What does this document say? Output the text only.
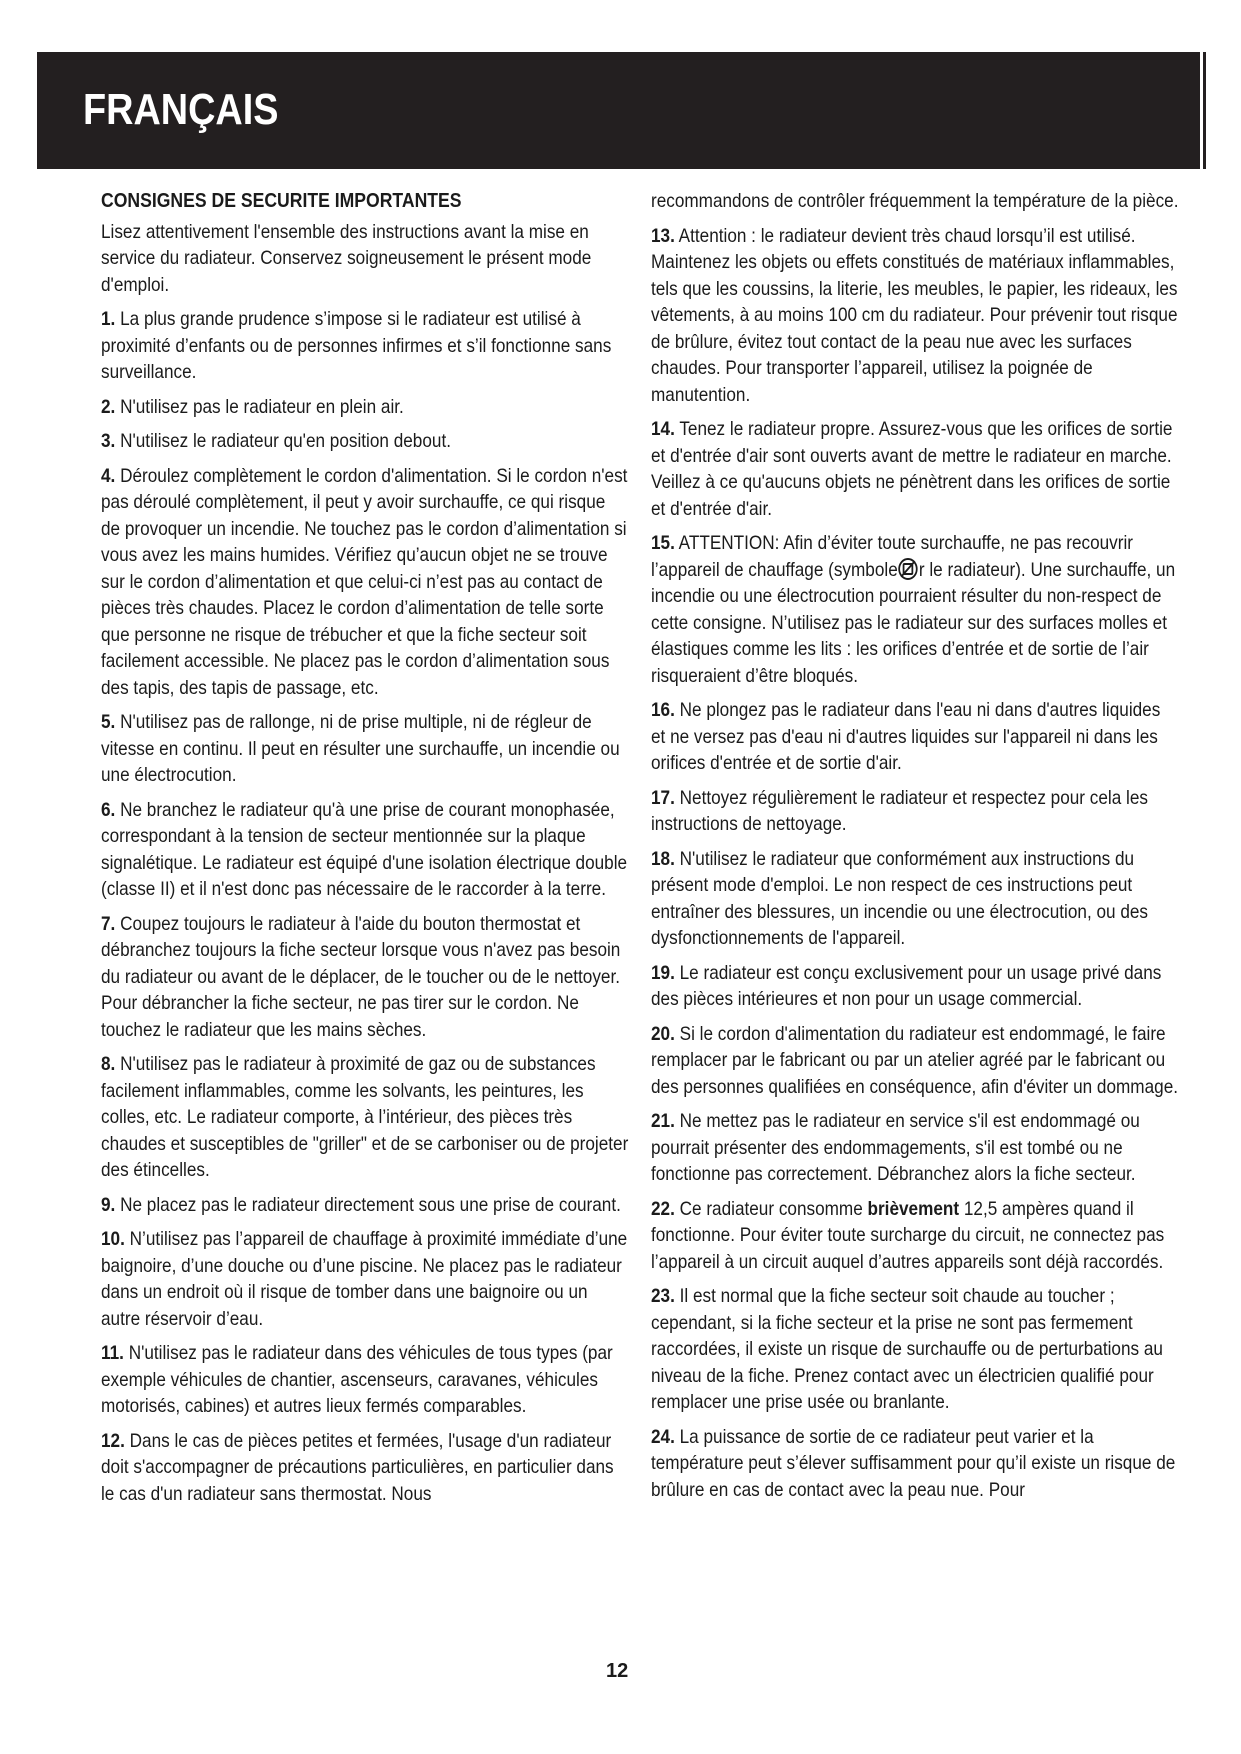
FRANÇAIS

CONSIGNES DE SECURITE IMPORTANTES

Lisez attentivement l'ensemble des instructions avant la mise en service du radiateur. Conservez soigneusement le présent mode d'emploi.

1. La plus grande prudence s’impose si le radiateur est utilisé à proximité d’enfants ou de personnes infirmes et s’il fonctionne sans surveillance.

2. N'utilisez pas le radiateur en plein air.

3. N'utilisez le radiateur qu'en position debout.

4. Déroulez complètement le cordon d'alimentation. Si le cordon n'est pas déroulé complètement, il peut y avoir surchauffe, ce qui risque de provoquer un incendie. Ne touchez pas le cordon d’alimentation si vous avez les mains humides. Vérifiez qu’aucun objet ne se trouve sur le cordon d’alimentation et que celui-ci n’est pas au contact de pièces très chaudes. Placez le cordon d’alimentation de telle sorte que personne ne risque de trébucher et que la fiche secteur soit facilement accessible. Ne placez pas le cordon d’alimentation sous des tapis, des tapis de passage, etc.

5. N'utilisez pas de rallonge, ni de prise multiple, ni de régleur de vitesse en continu. Il peut en résulter une surchauffe, un incendie ou une électrocution.

6. Ne branchez le radiateur qu'à une prise de courant monophasée, correspondant à la tension de secteur mentionnée sur la plaque signalétique. Le radiateur est équipé d'une isolation électrique double (classe II) et il n'est donc pas nécessaire de le raccorder à la terre.

7. Coupez toujours le radiateur à l'aide du bouton thermostat et débranchez toujours la fiche secteur lorsque vous n'avez pas besoin du radiateur ou avant de le déplacer, de le toucher ou de le nettoyer. Pour débrancher la fiche secteur, ne pas tirer sur le cordon. Ne touchez le radiateur que les mains sèches.

8. N'utilisez pas le radiateur à proximité de gaz ou de substances facilement inflammables, comme les solvants, les peintures, les colles, etc. Le radiateur comporte, à l’intérieur, des pièces très chaudes et susceptibles de "griller" et de se carboniser ou de projeter des étincelles.

9. Ne placez pas le radiateur directement sous une prise de courant.

10. N’utilisez pas l’appareil de chauffage à proximité immédiate d’une baignoire, d’une douche ou d’une piscine. Ne placez pas le radiateur dans un endroit où il risque de tomber dans une baignoire ou un autre réservoir d’eau.

11. N'utilisez pas le radiateur dans des véhicules de tous types (par exemple véhicules de chantier, ascenseurs, caravanes, véhicules motorisés, cabines) et autres lieux fermés comparables.

12. Dans le cas de pièces petites et fermées, l'usage d'un radiateur doit s'accompagner de précautions particulières, en particulier dans le cas d'un radiateur sans thermostat. Nous

recommandons de contrôler fréquemment la température de la pièce.

13. Attention : le radiateur devient très chaud lorsqu’il est utilisé. Maintenez les objets ou effets constitués de matériaux inflammables, tels que les coussins, la literie, les meubles, le papier, les rideaux, les vêtements, à au moins 100 cm du radiateur. Pour prévenir tout risque de brûlure, évitez tout contact de la peau nue avec les surfaces chaudes. Pour transporter l’appareil, utilisez la poignée de manutention.

14. Tenez le radiateur propre. Assurez-vous que les orifices de sortie et d'entrée d'air sont ouverts avant de mettre le radiateur en marche. Veillez à ce qu'aucuns objets ne pénètrent dans les orifices de sortie et d'entrée d'air.

15. ATTENTION: Afin d’éviter toute surchauffe, ne pas recouvrir l’appareil de chauffage (symbole r le radiateur). Une surchauffe, un incendie ou une électrocution pourraient résulter du non-respect de cette consigne. N’utilisez pas le radiateur sur des surfaces molles et élastiques comme les lits : les orifices d’entrée et de sortie de l’air risqueraient d’être bloqués.

16. Ne plongez pas le radiateur dans l'eau ni dans d'autres liquides et ne versez pas d'eau ni d'autres liquides sur l'appareil ni dans les orifices d'entrée et de sortie d'air.

17. Nettoyez régulièrement le radiateur et respectez pour cela les instructions de nettoyage.

18. N'utilisez le radiateur que conformément aux instructions du présent mode d'emploi. Le non respect de ces instructions peut entraîner des blessures, un incendie ou une électrocution, ou des dysfonctionnements de l'appareil.

19. Le radiateur est conçu exclusivement pour un usage privé dans des pièces intérieures et non pour un usage commercial.

20. Si le cordon d'alimentation du radiateur est endommagé, le faire remplacer par le fabricant ou par un atelier agréé par le fabricant ou des personnes qualifiées en conséquence, afin d'éviter un dommage.

21. Ne mettez pas le radiateur en service s'il est endommagé ou pourrait présenter des endommagements, s'il est tombé ou ne fonctionne pas correctement. Débranchez alors la fiche secteur.

22. Ce radiateur consomme brièvement 12,5 ampères quand il fonctionne. Pour éviter toute surcharge du circuit, ne connectez pas l’appareil à un circuit auquel d’autres appareils sont déjà raccordés.

23. Il est normal que la fiche secteur soit chaude au toucher ; cependant, si la fiche secteur et la prise ne sont pas fermement raccordées, il existe un risque de surchauffe ou de perturbations au niveau de la fiche. Prenez contact avec un électricien qualifié pour remplacer une prise usée ou branlante.

24. La puissance de sortie de ce radiateur peut varier et la température peut s’élever suffisamment pour qu’il existe un risque de brûlure en cas de contact avec la peau nue. Pour

12
